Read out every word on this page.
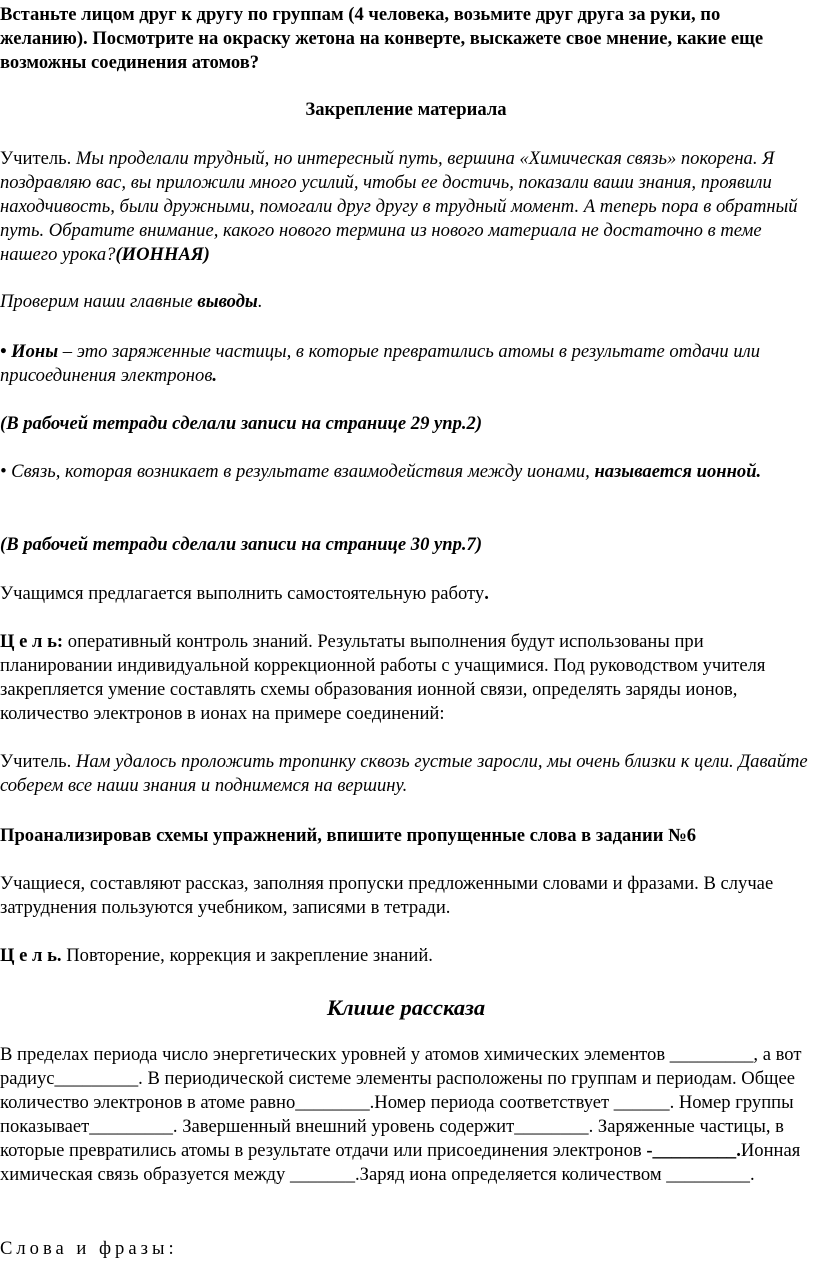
Встаньте лицом друг к другу по группам (4 человека, возьмите друг друга за руки, по желанию). Посмотрите на окраску жетона на конверте, выскажете свое мнение, какие еще возможны соединения атомов?

Закрепление материала

Учитель. Мы проделали трудный, но интересный путь, вершина «Химическая связь» покорена. Я поздравляю вас, вы приложили много усилий, чтобы ее достичь, показали ваши знания, проявили находчивость, были дружными, помогали друг другу в трудный момент. А теперь пора в обратный путь. Обратите внимание, какого нового термина из нового материала не достаточно в теме нашего урока?(ИОННАЯ)

Проверим наши главные выводы.

• Ионы – это заряженные частицы, в которые превратились атомы в результате отдачи или присоединения электронов.

(В рабочей тетради сделали записи на странице 29 упр.2)

• Связь, которая возникает в результате взаимодействия между ионами, называется ионной.

(В рабочей тетради сделали записи на странице 30 упр.7)

Учащимся предлагается выполнить самостоятельную работу.

Ц е л ь: оперативный контроль знаний. Результаты выполнения будут использованы при планировании индивидуальной коррекционной работы с учащимися. Под руководством учителя закрепляется умение составлять схемы образования ионной связи, определять заряды ионов, количество электронов в ионах на примере соединений:

Учитель. Нам удалось проложить тропинку сквозь густые заросли, мы очень близки к цели. Давайте соберем все наши знания и поднимемся на вершину.

Проанализировав схемы упражнений, впишите пропущенные слова в задании №6

Учащиеся, составляют рассказ, заполняя пропуски предложенными словами и фразами. В случае затруднения пользуются учебником, записями в тетради.

Ц е л ь. Повторение, коррекция и закрепление знаний.

Клише рассказа

В пределах периода число энергетических уровней у атомов химических элементов _________, а вот радиус_________. В периодической системе элементы расположены по группам и периодам. Общее количество электронов в атоме равно________.Номер периода соответствует ______. Номер группы показывает_________. Завершенный внешний уровень содержит________. Заряженные частицы, в которые превратились атомы в результате отдачи или присоединения электронов -_________.Ионная химическая связь образуется между _______.Заряд иона определяется количеством _________.

Слова и фразы:
